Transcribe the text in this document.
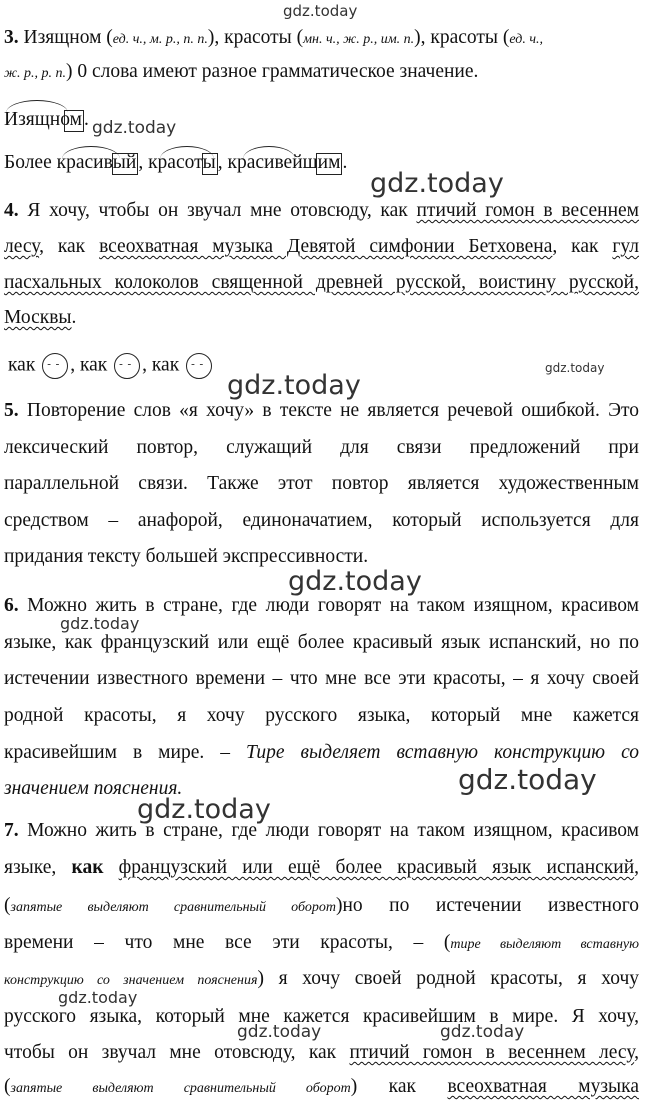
gdz.today
gdz.today
gdz.today
gdz.today
gdz.today
gdz.today
gdz.today
gdz.today
gdz.today
gdz.today
gdz.today	gdz.today
3. Изящном (ед. ч., м. р., п. п.), красоты (мн. ч., ж. р., им. п.), красоты (ед. ч.,
ж. р., р. п.) 0 слова имеют разное грамматическое значение.
Изящном .
Более красивый , красоты , красивейшим .
4. Я хочу, чтобы он звучал мне отовсюду, как птичий гомон в весеннем
лесу, как всеохватная музыка Девятой симфонии Бетховена, как гул
пасхальных колоколов священной древней русской, воистину русской,
Москвы.
как - -, как - -, как - -
5. Повторение слов «я хочу» в тексте не является речевой ошибкой. Это
лексический повтор, служащий для связи предложений при
параллельной связи. Также этот повтор является художественным
средством – анафорой, единоначатием, который используется для
придания тексту большей экспрессивности.
6. Можно жить в стране, где люди говорят на таком изящном, красивом
языке, как французский или ещё более красивый язык испанский, но по
истечении известного времени – что мне все эти красоты, – я хочу своей
родной красоты, я хочу русского языка, который мне кажется
красивейшим в мире. – Тире выделяет вставную конструкцию со
значением пояснения.
7. Можно жить в стране, где люди говорят на таком изящном, красивом
языке, как французский или ещё более красивый язык испанский,
(запятые выделяют сравнительный оборот)но по истечении известного
времени – что мне все эти красоты, – (тире выделяют вставную
конструкцию со значением пояснения) я хочу своей родной красоты, я хочу
русского языка, который мне кажется красивейшим в мире. Я хочу,
чтобы он звучал мне отовсюду, как птичий гомон в весеннем лесу,
(запятые выделяют сравнительный оборот) как всеохватная музыка
